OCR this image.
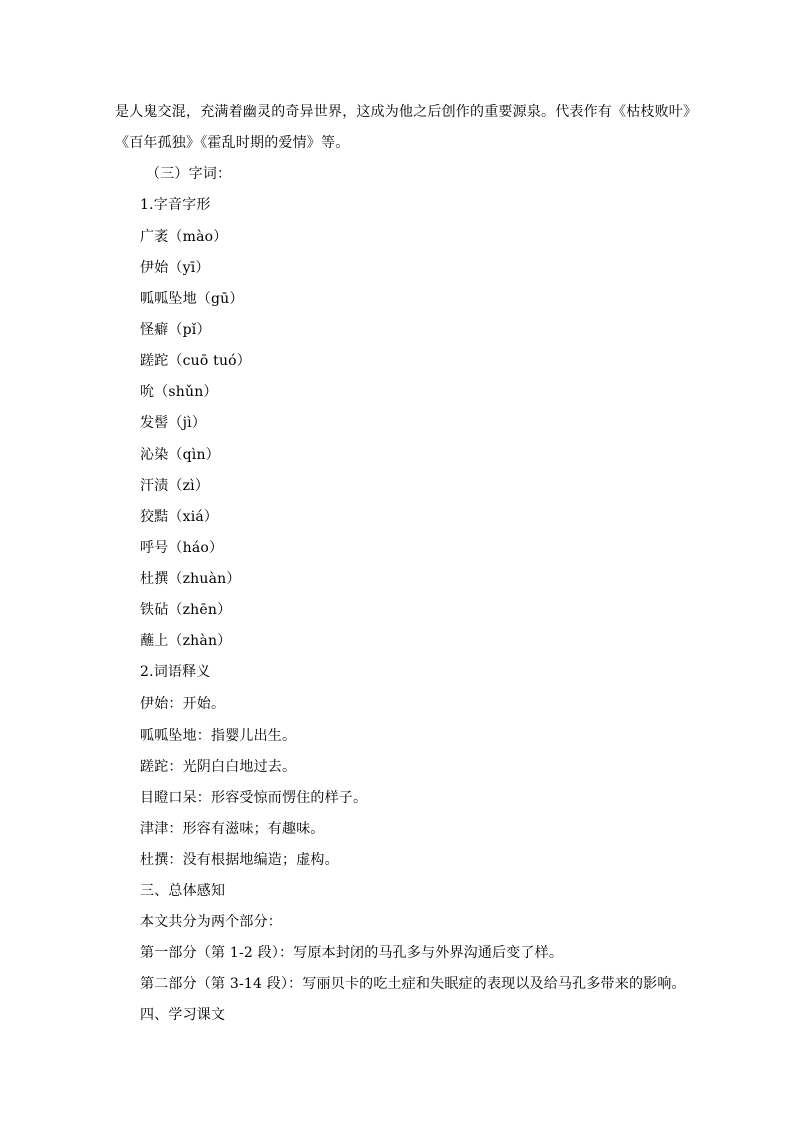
是人鬼交混，充满着幽灵的奇异世界，这成为他之后创作的重要源泉。代表作有《枯枝败叶》
《百年孤独》《霍乱时期的爱情》等。
（三）字词：
1.字音字形
广袤（mào）
伊始（yī）
呱呱坠地（gū）
怪癖（pǐ）
蹉跎（cuō tuó）
吮（shǔn）
发髻（jì）
沁染（qìn）
汗渍（zì）
狡黠（xiá）
呼号（háo）
杜撰（zhuàn）
铁砧（zhēn）
蘸上（zhàn）
2.词语释义
伊始：开始。
呱呱坠地：指婴儿出生。
蹉跎：光阴白白地过去。
目瞪口呆：形容受惊而愣住的样子。
津津：形容有滋味；有趣味。
杜撰：没有根据地编造；虚构。
三、总体感知
本文共分为两个部分：
第一部分（第 1-2 段）：写原本封闭的马孔多与外界沟通后变了样。
第二部分（第 3-14 段）：写丽贝卡的吃土症和失眠症的表现以及给马孔多带来的影响。
四、学习课文
